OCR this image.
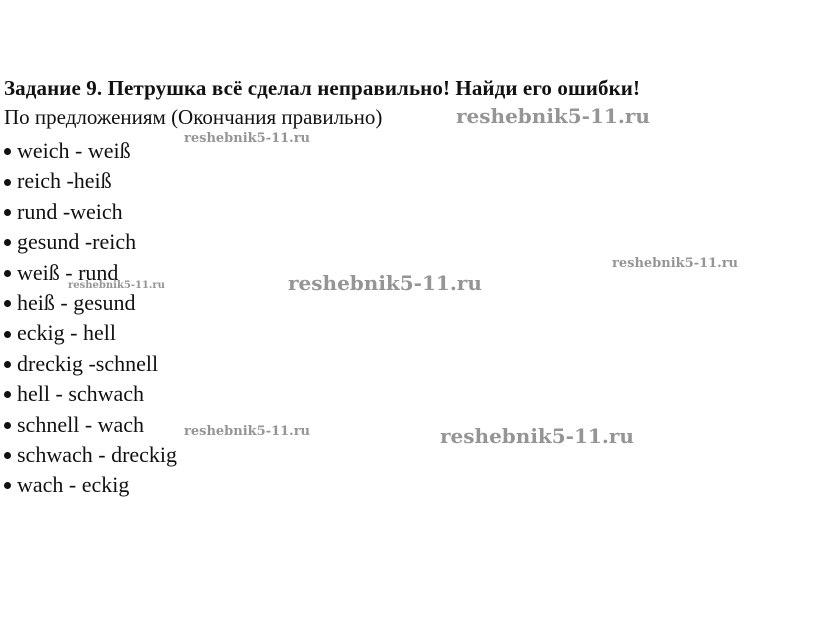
Задание 9. Петрушка всё сделал неправильно! Найди его ошибки!
По предложениям (Окончания правильно)
weich - weiß
reich -heiß
rund -weich
gesund -reich
weiß - rund
heiß - gesund
eckig - hell
dreckig -schnell
hell - schwach
schnell - wach
schwach - dreckig
wach - eckig
reshebnik5-11.ru
reshebnik5-11.ru
reshebnik5-11.ru
reshebnik5-11.ru
reshebnik5-11.ru
reshebnik5-11.ru	reshebnik5-11.ru
